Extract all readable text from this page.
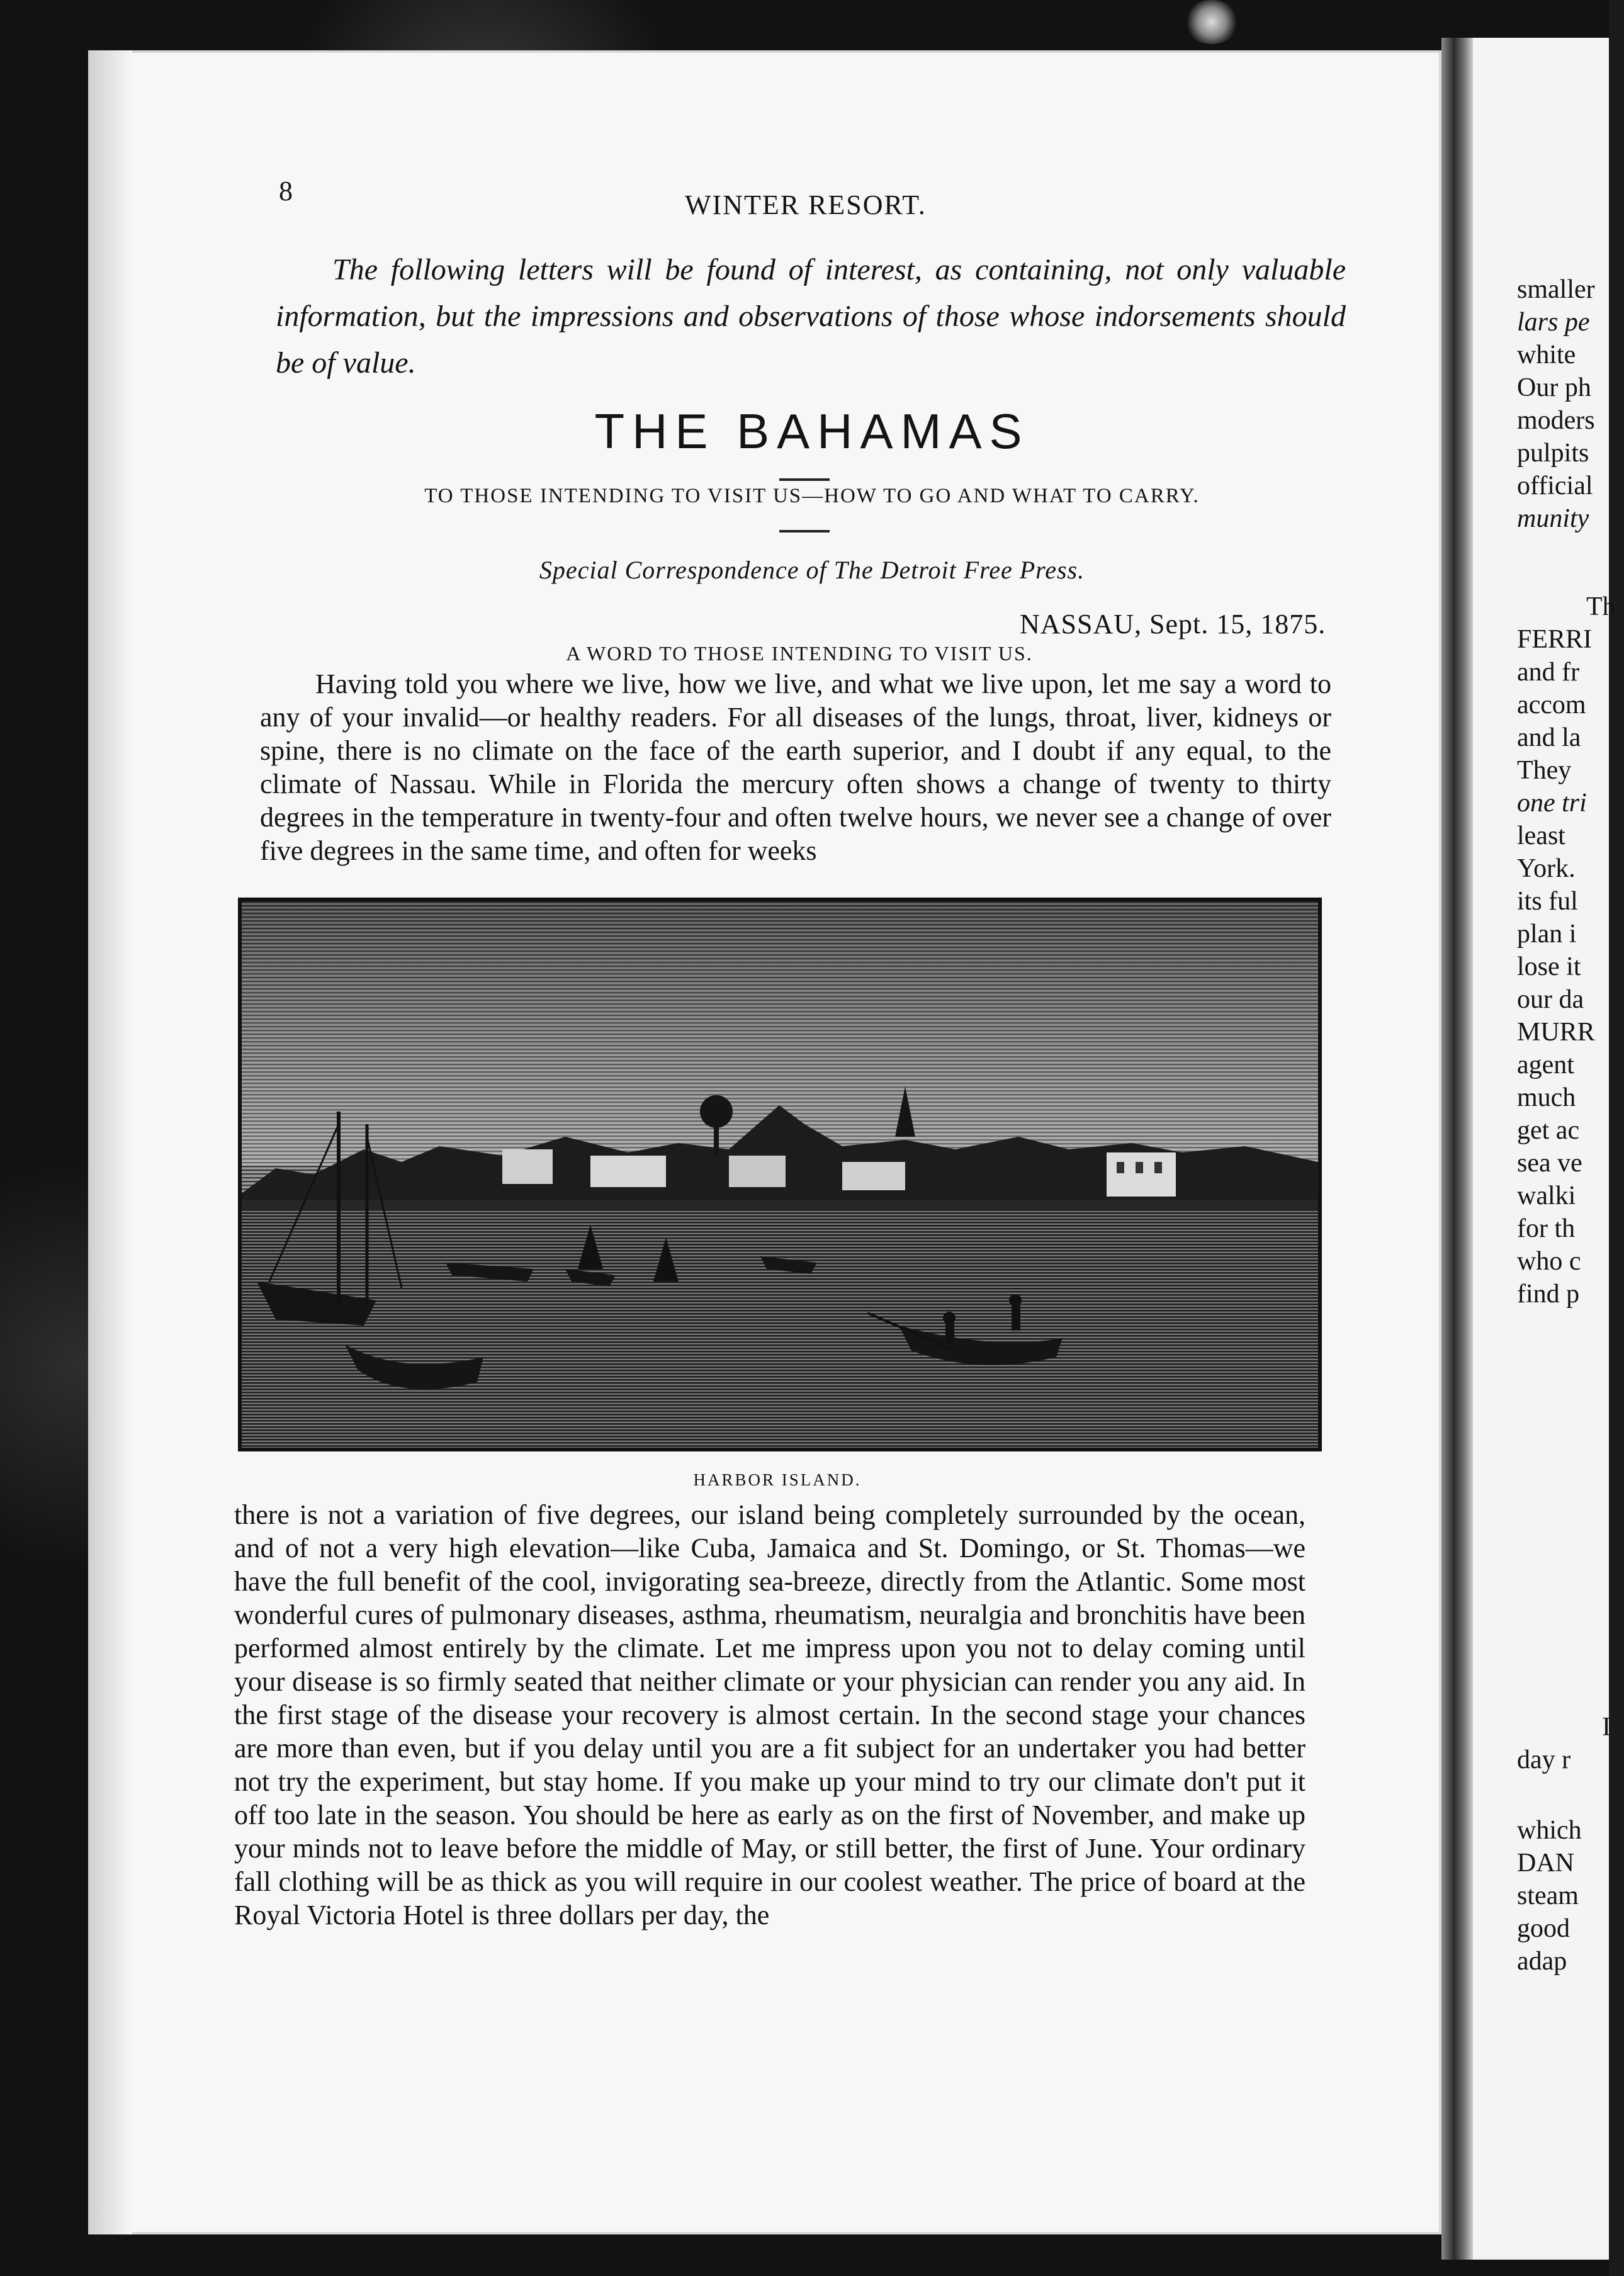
8	WINTER RESORT.
The following letters will be found of interest, as containing, not only valuable information, but the impressions and observations of those whose indorsements should be of value.
THE BAHAMAS
TO THOSE INTENDING TO VISIT US—HOW TO GO AND WHAT TO CARRY.
Special Correspondence of The Detroit Free Press.
NASSAU, Sept. 15, 1875.
A WORD TO THOSE INTENDING TO VISIT US.
Having told you where we live, how we live, and what we live upon, let me say a word to any of your invalid—or healthy readers. For all diseases of the lungs, throat, liver, kidneys or spine, there is no climate on the face of the earth superior, and I doubt if any equal, to the climate of Nassau. While in Florida the mercury often shows a change of twenty to thirty degrees in the temperature in twenty-four and often twelve hours, we never see a change of over five degrees in the same time, and often for weeks
HARBOR ISLAND.
there is not a variation of five degrees, our island being completely surrounded by the ocean, and of not a very high elevation—like Cuba, Jamaica and St. Domingo, or St. Thomas—we have the full benefit of the cool, invigorating sea-breeze, directly from the Atlantic. Some most wonderful cures of pulmonary diseases, asthma, rheumatism, neuralgia and bronchitis have been performed almost entirely by the climate. Let me impress upon you not to delay coming until your disease is so firmly seated that neither climate or your physician can render you any aid. In the first stage of the disease your recovery is almost certain. In the second stage your chances are more than even, but if you delay until you are a fit subject for an undertaker you had better not try the experiment, but stay home. If you make up your mind to try our climate don't put it off too late in the season. You should be here as early as on the first of November, and make up your minds not to leave before the middle of May, or still better, the first of June. Your ordinary fall clothing will be as thick as you will require in our coolest weather. The price of board at the Royal Victoria Hotel is three dollars per day, the
smaller
lars pe
white
Our ph
moders
pulpits
official
munity
Th
FERRI
and fr
accom
and la
They
one tri
least
York.
its ful
plan i
lose it
our da
MURR
agent
much
get ac
sea ve
walki
for th
who c
find p
I
day r
which
DAN
steam
good
adap
